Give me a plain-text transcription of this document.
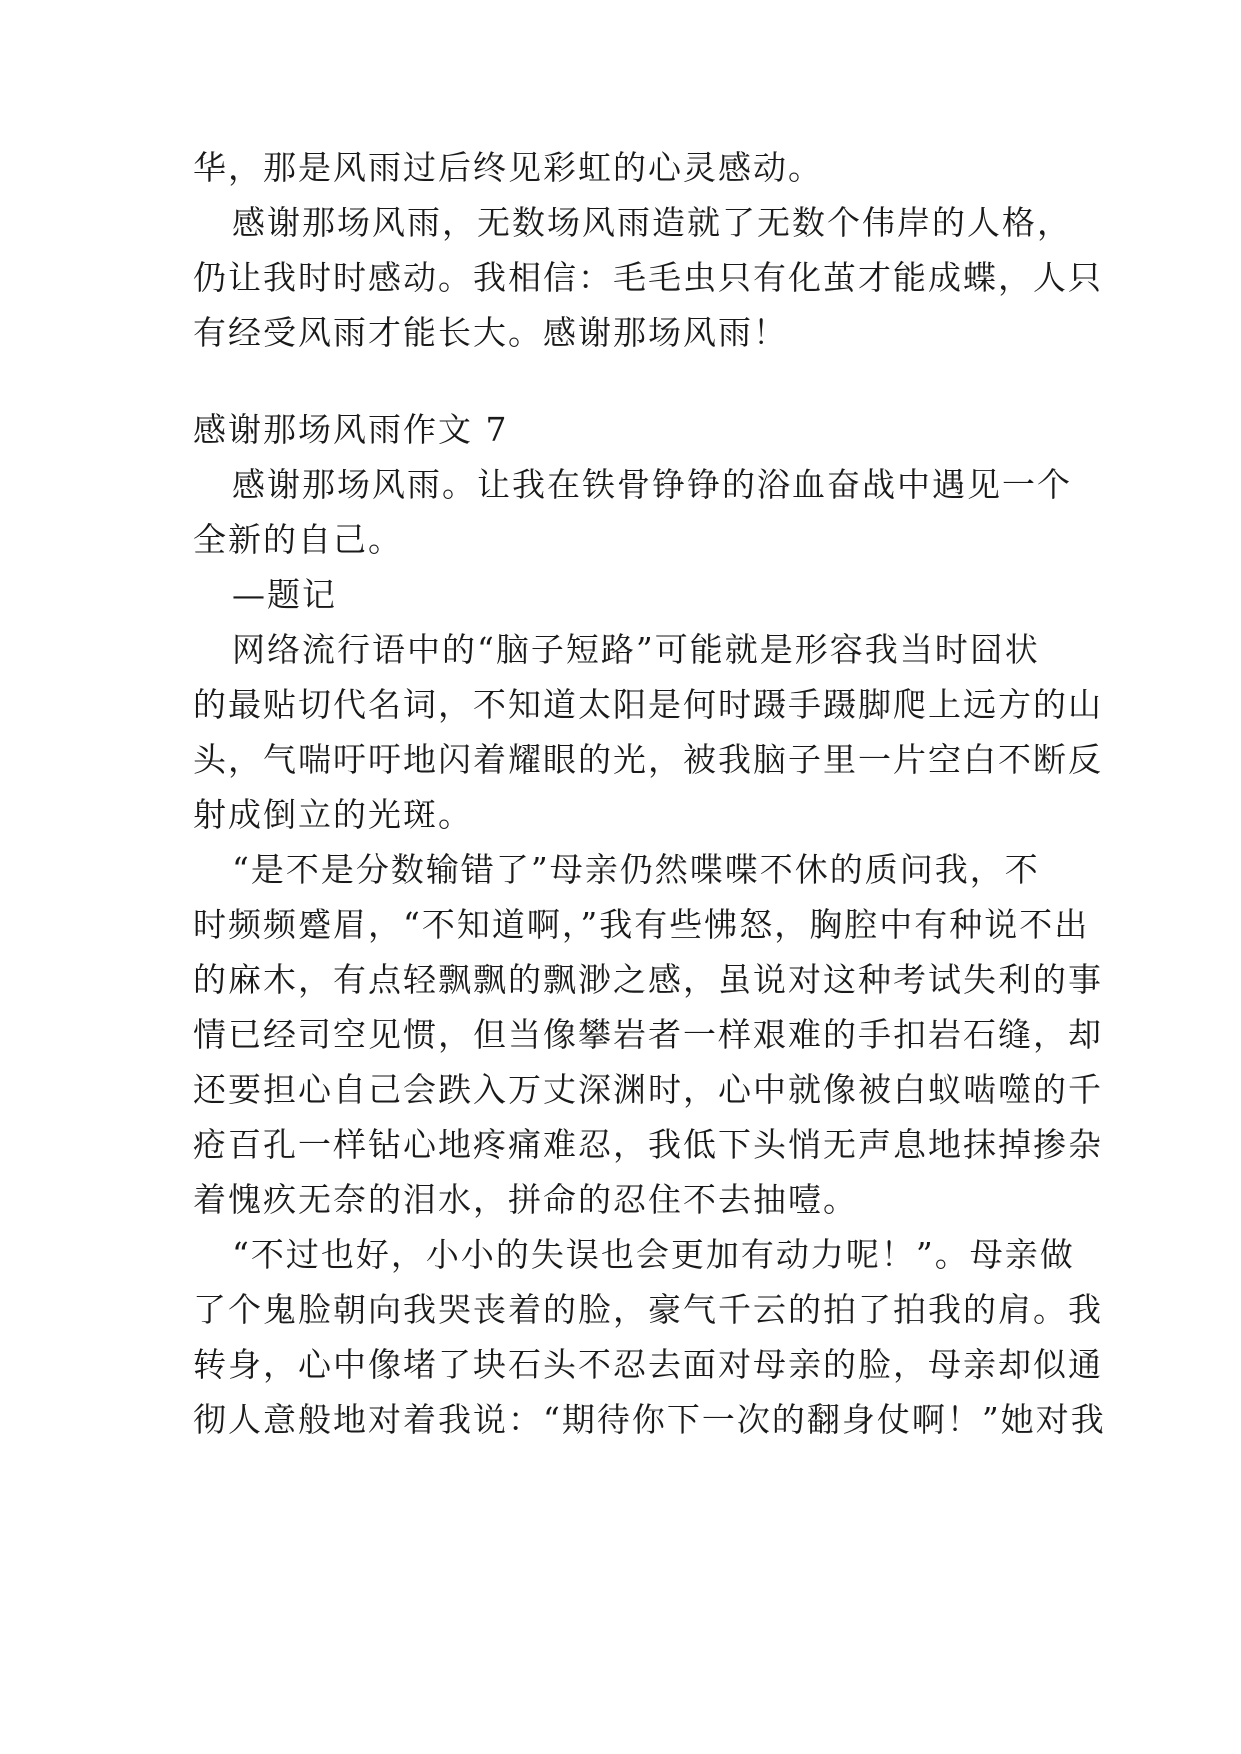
华，那是风雨过后终见彩虹的心灵感动。
感谢那场风雨，无数场风雨造就了无数个伟岸的人格，
仍让我时时感动。我相信：毛毛虫只有化茧才能成蝶，人只
有经受风雨才能长大。感谢那场风雨！
感谢那场风雨作文 7
感谢那场风雨。让我在铁骨铮铮的浴血奋战中遇见一个
全新的自己。
—题记
网络流行语中的“脑子短路”可能就是形容我当时囧状
的最贴切代名词，不知道太阳是何时蹑手蹑脚爬上远方的山
头，气喘吁吁地闪着耀眼的光，被我脑子里一片空白不断反
射成倒立的光斑。
“是不是分数输错了”母亲仍然喋喋不休的质问我，不
时频频蹙眉，“不知道啊，”我有些怫怒，胸腔中有种说不出
的麻木，有点轻飘飘的飘渺之感，虽说对这种考试失利的事
情已经司空见惯，但当像攀岩者一样艰难的手扣岩石缝，却
还要担心自己会跌入万丈深渊时，心中就像被白蚁啮噬的千
疮百孔一样钻心地疼痛难忍，我低下头悄无声息地抹掉掺杂
着愧疚无奈的泪水，拼命的忍住不去抽噎。
“不过也好，小小的失误也会更加有动力呢！”。母亲做
了个鬼脸朝向我哭丧着的脸，豪气千云的拍了拍我的肩。我
转身，心中像堵了块石头不忍去面对母亲的脸，母亲却似通
彻人意般地对着我说：“期待你下一次的翻身仗啊！”她对我
